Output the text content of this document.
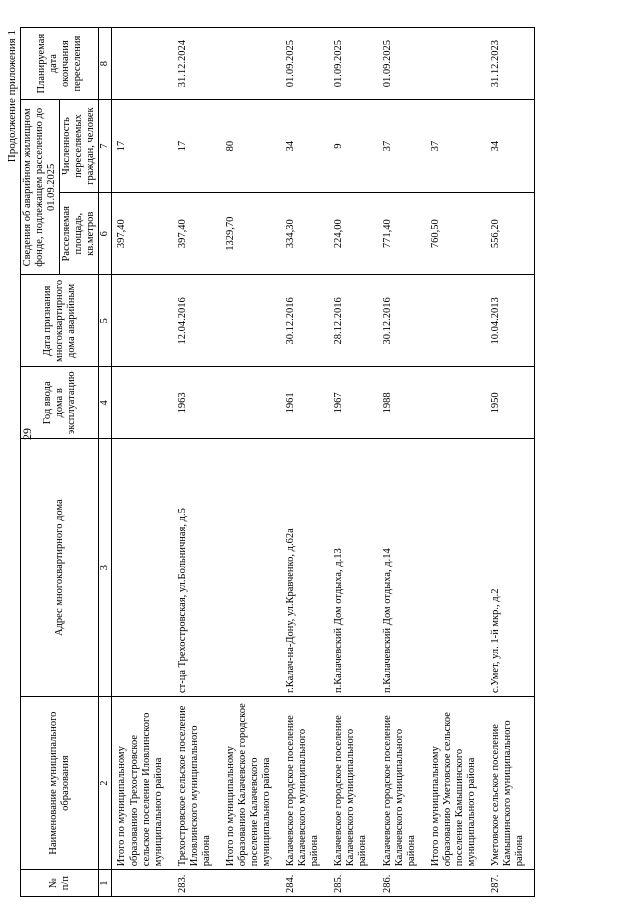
29
Продолжение приложения 1
№ п/п	Наименование муниципального образования	Адрес многоквартирного дома	Год ввода дома в эксплуатацию	Дата признания многоквартирного дома аварийным	Сведения об аварийном жилищном фонде, подлежащем расселению до 01.09.2025		Планируемая дата окончания переселения
					Расселяемая площадь, кв.метров	Численность переселяемых граждан, человек	
1	2	3	4	5	6	7	8
	Итого по муниципальному образованию Трехостровское сельское поселение Иловлинского муниципального района				397,40	17	
283.	Трехостровское сельское поселение Иловлинского муниципального района	ст-ца Трехостровская, ул.Больничная, д.5	1963	12.04.2016	397,40	17	31.12.2024
	Итого по муниципальному образованию Калачевское городское поселение Калачевского муниципального района				1329,70	80	
284.	Калачевское городское поселение Калачевского муниципального района	г.Калач-на-Дону, ул.Кравченко, д.62а	1961	30.12.2016	334,30	34	01.09.2025
285.	Калачевское городское поселение Калачевского муниципального района	п.Калачевский Дом отдыха, д.13	1967	28.12.2016	224,00	9	01.09.2025
286.	Калачевское городское поселение Калачевского муниципального района	п.Калачевский Дом отдыха, д.14	1988	30.12.2016	771,40	37	01.09.2025
	Итого по муниципальному образованию Уметовское сельское поселение Камышинского муниципального района				760,50	37	
287.	Уметовское сельское поселение Камышинского муниципального района	с.Умет, ул. 1-й мкр., д.2	1950	10.04.2013	556,20	34	31.12.2023
